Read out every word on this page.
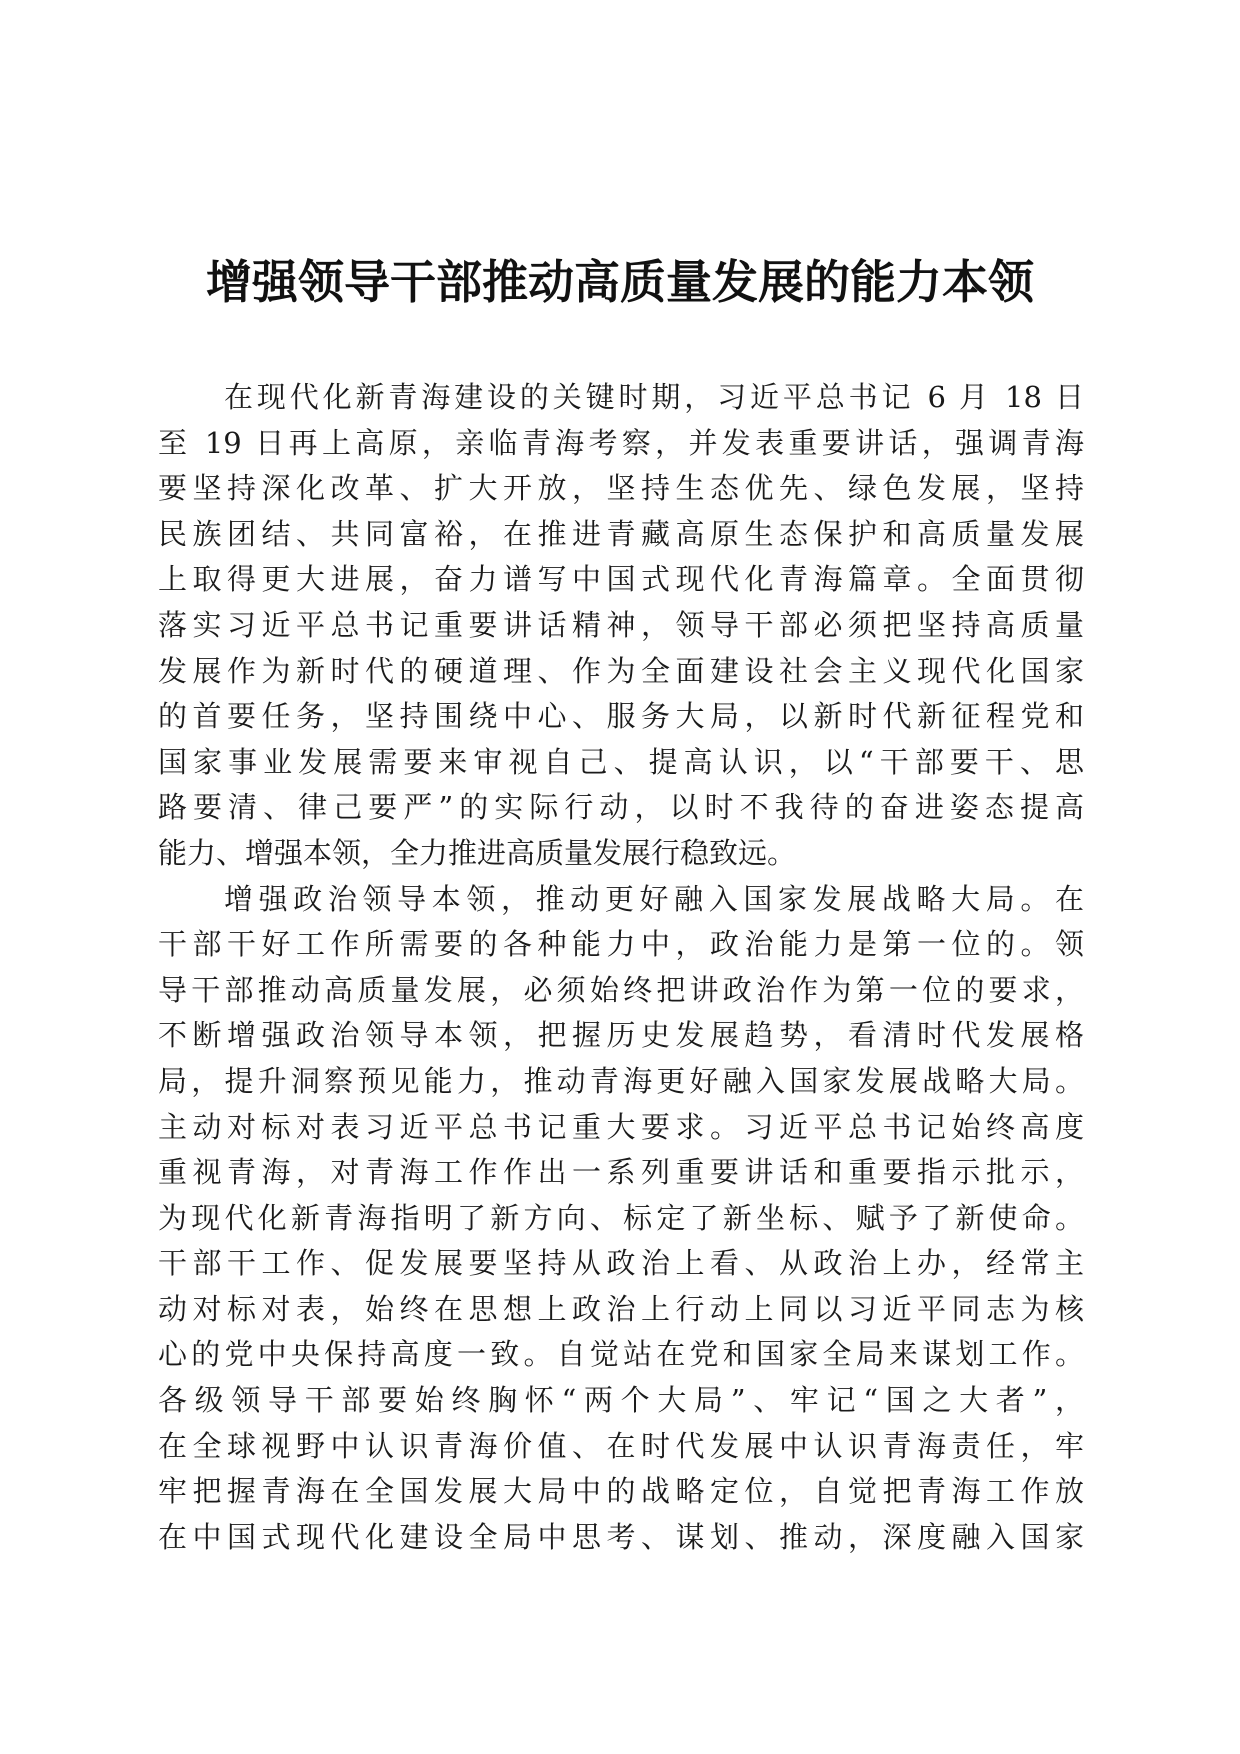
增强领导干部推动高质量发展的能力本领

在现代化新青海建设的关键时期，习近平总书记 6 月 18 日
至 19 日再上高原，亲临青海考察，并发表重要讲话，强调青海
要坚持深化改革、扩大开放，坚持生态优先、绿色发展，坚持
民族团结、共同富裕，在推进青藏高原生态保护和高质量发展
上取得更大进展，奋力谱写中国式现代化青海篇章。全面贯彻
落实习近平总书记重要讲话精神，领导干部必须把坚持高质量
发展作为新时代的硬道理、作为全面建设社会主义现代化国家
的首要任务，坚持围绕中心、服务大局，以新时代新征程党和
国家事业发展需要来审视自己、提高认识，以“干部要干、思
路要清、律己要严”的实际行动，以时不我待的奋进姿态提高
能力、增强本领，全力推进高质量发展行稳致远。

增强政治领导本领，推动更好融入国家发展战略大局。在
干部干好工作所需要的各种能力中，政治能力是第一位的。领
导干部推动高质量发展，必须始终把讲政治作为第一位的要求，
不断增强政治领导本领，把握历史发展趋势，看清时代发展格
局，提升洞察预见能力，推动青海更好融入国家发展战略大局。
主动对标对表习近平总书记重大要求。习近平总书记始终高度
重视青海，对青海工作作出一系列重要讲话和重要指示批示，
为现代化新青海指明了新方向、标定了新坐标、赋予了新使命。
干部干工作、促发展要坚持从政治上看、从政治上办，经常主
动对标对表，始终在思想上政治上行动上同以习近平同志为核
心的党中央保持高度一致。自觉站在党和国家全局来谋划工作。
各级领导干部要始终胸怀“两个大局”、牢记“国之大者”，
在全球视野中认识青海价值、在时代发展中认识青海责任，牢
牢把握青海在全国发展大局中的战略定位，自觉把青海工作放
在中国式现代化建设全局中思考、谋划、推动，深度融入国家
